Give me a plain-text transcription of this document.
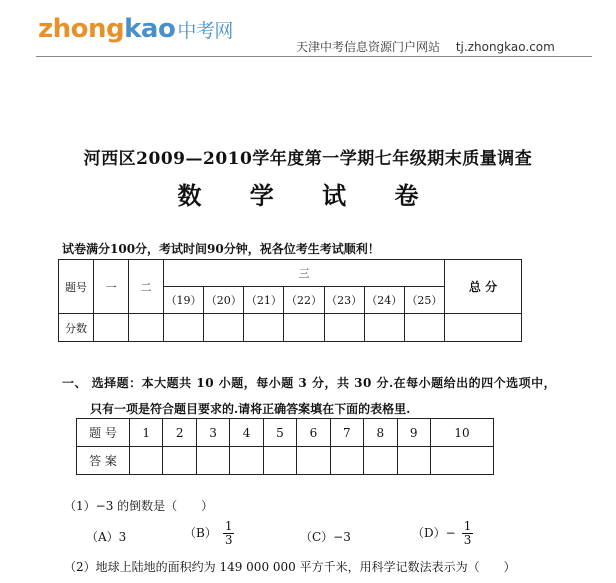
zhongkao 中考网
天津中考信息资源门户网站 tj.zhongkao.com
河西区2009—2010学年度第一学期七年级期末质量调查
数 学 试 卷
试卷满分100分，考试时间90分钟，祝各位考生考试顺利！
题号	一	二	三							总 分
			（19）	（20）	（21）	（22）	（23）	（24）	（25）	
分数										
一、 选择题：本大题共 10 小题，每小题 3 分，共 30 分.在每小题给出的四个选项中，
只有一项是符合题目要求的.请将正确答案填在下面的表格里.
题 号	1	2	3	4	5	6	7	8	9	10
答 案										
（1）−3 的倒数是（　　）
（A）3	$(B) \frac{1}{3}$	（C）−3	$(D)- \frac{1}{3}$
（2）地球上陆地的面积约为 149 000 000 平方千米，用科学记数法表示为（　　）
